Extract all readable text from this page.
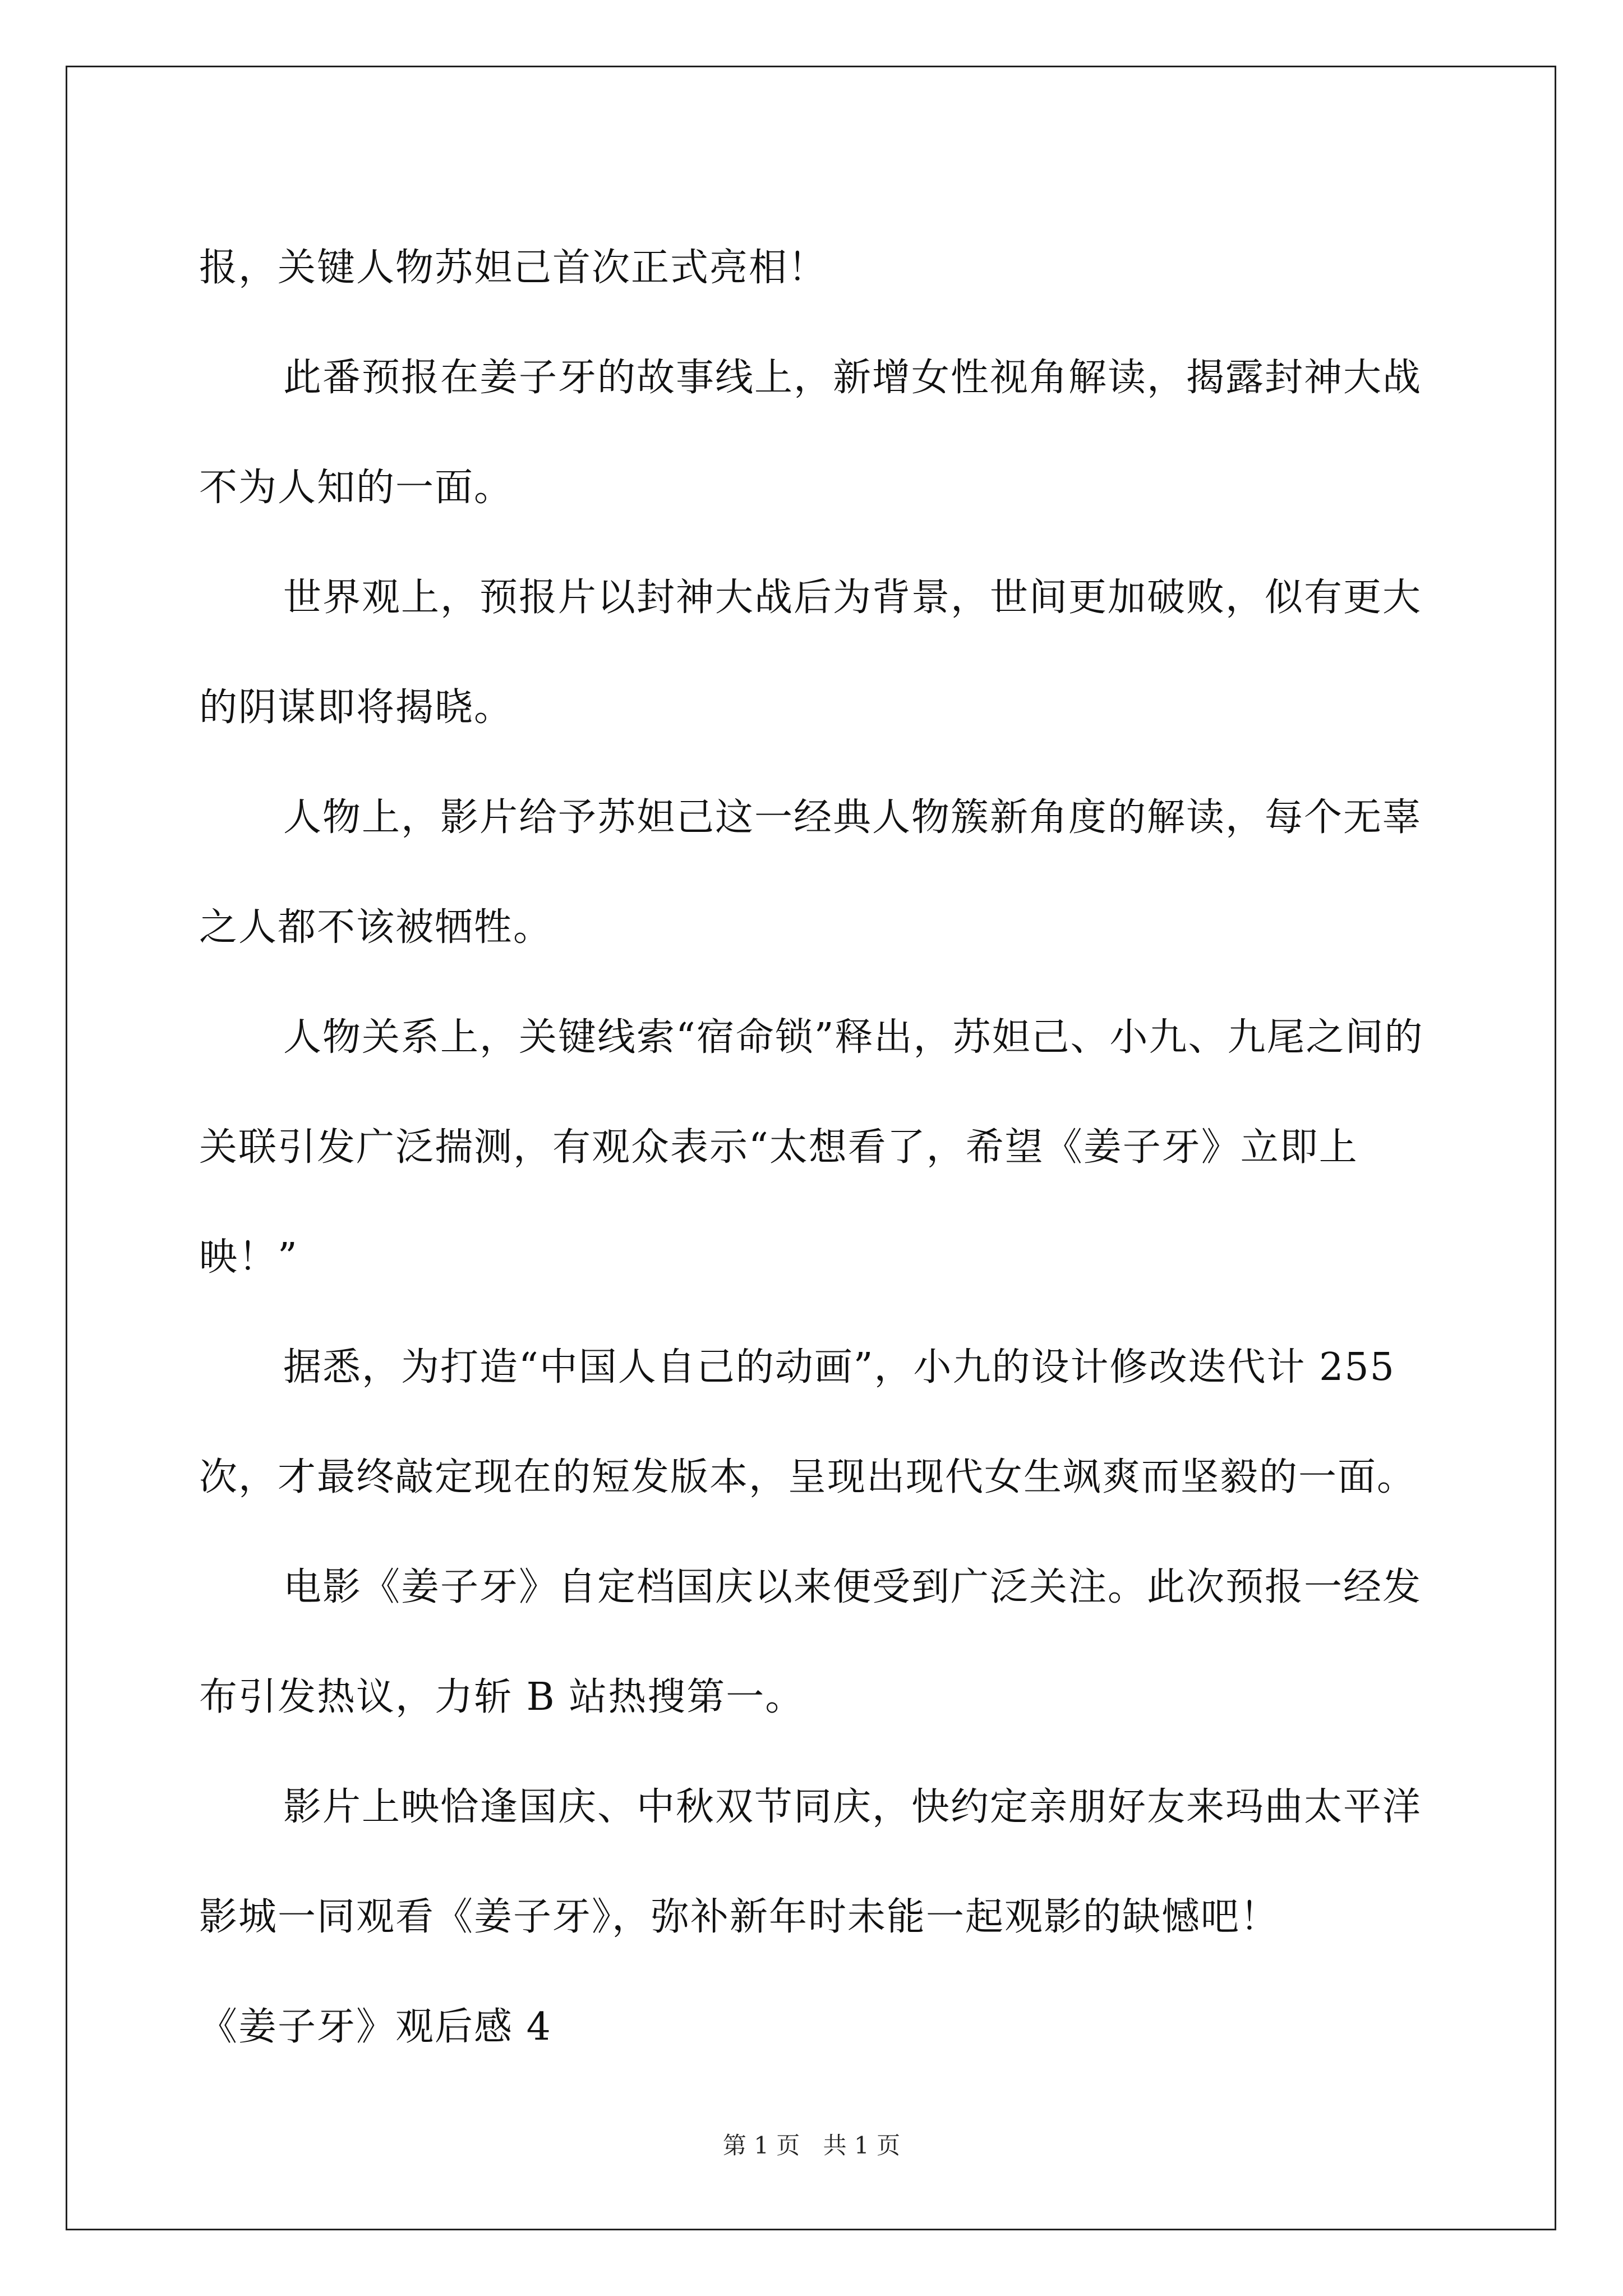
报，关键人物苏妲己首次正式亮相！

此番预报在姜子牙的故事线上，新增女性视角解读，揭露封神大战不为人知的一面。

世界观上，预报片以封神大战后为背景，世间更加破败，似有更大的阴谋即将揭晓。

人物上，影片给予苏妲己这一经典人物簇新角度的解读，每个无辜之人都不该被牺牲。

人物关系上，关键线索“宿命锁”释出，苏妲己、小九、九尾之间的关联引发广泛揣测，有观众表示“太想看了，希望《姜子牙》立即上映！”

据悉，为打造“中国人自己的动画”，小九的设计修改迭代计 255 次，才最终敲定现在的短发版本，呈现出现代女生飒爽而坚毅的一面。

电影《姜子牙》自定档国庆以来便受到广泛关注。此次预报一经发布引发热议，力斩 B 站热搜第一。

影片上映恰逢国庆、中秋双节同庆，快约定亲朋好友来玛曲太平洋影城一同观看《姜子牙》，弥补新年时未能一起观影的缺憾吧！

《姜子牙》观后感 4

第 1 页 共 1 页
